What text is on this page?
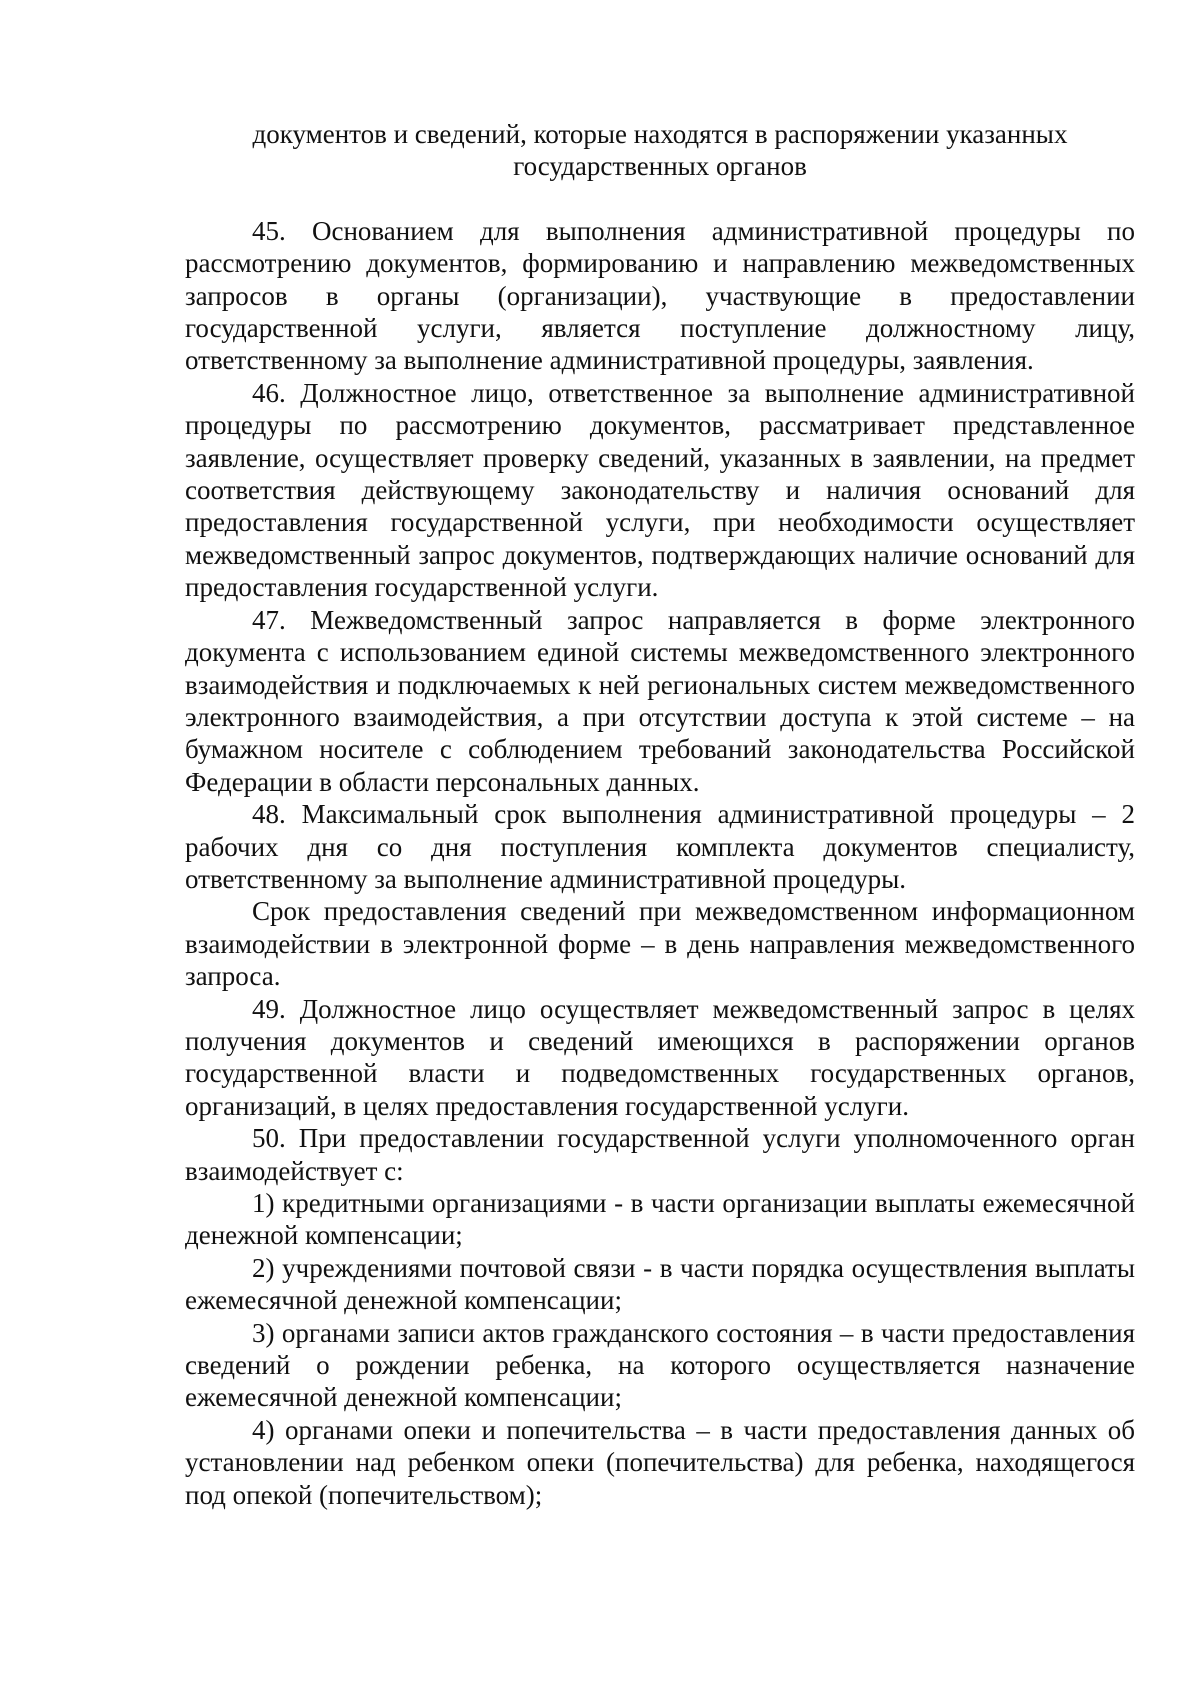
документов и сведений, которые находятся в распоряжении указанных
государственных органов

45. Основанием для выполнения административной процедуры по рассмотрению документов, формированию и направлению межведомственных запросов в органы (организации), участвующие в предоставлении государственной услуги, является поступление должностному лицу, ответственному за выполнение административной процедуры, заявления.

46. Должностное лицо, ответственное за выполнение административной процедуры по рассмотрению документов, рассматривает представленное заявление, осуществляет проверку сведений, указанных в заявлении, на предмет соответствия действующему законодательству и наличия оснований для предоставления государственной услуги, при необходимости осуществляет межведомственный запрос документов, подтверждающих наличие оснований для предоставления государственной услуги.

47. Межведомственный запрос направляется в форме электронного документа с использованием единой системы межведомственного электронного взаимодействия и подключаемых к ней региональных систем межведомственного электронного взаимодействия, а при отсутствии доступа к этой системе – на бумажном носителе с соблюдением требований законодательства Российской Федерации в области персональных данных.

48. Максимальный срок выполнения административной процедуры – 2 рабочих дня со дня поступления комплекта документов специалисту, ответственному за выполнение административной процедуры.

Срок предоставления сведений при межведомственном информационном взаимодействии в электронной форме – в день направления межведомственного запроса.

49. Должностное лицо осуществляет межведомственный запрос в целях получения документов и сведений имеющихся в распоряжении органов государственной власти и подведомственных государственных органов, организаций, в целях предоставления государственной услуги.

50. При предоставлении государственной услуги уполномоченного орган взаимодействует с:

1) кредитными организациями - в части организации выплаты ежемесячной денежной компенсации;

2) учреждениями почтовой связи - в части порядка осуществления выплаты ежемесячной денежной компенсации;

3) органами записи актов гражданского состояния – в части предоставления сведений о рождении ребенка, на которого осуществляется назначение ежемесячной денежной компенсации;

4) органами опеки и попечительства – в части предоставления данных об установлении над ребенком опеки (попечительства) для ребенка, находящегося под опекой (попечительством);
